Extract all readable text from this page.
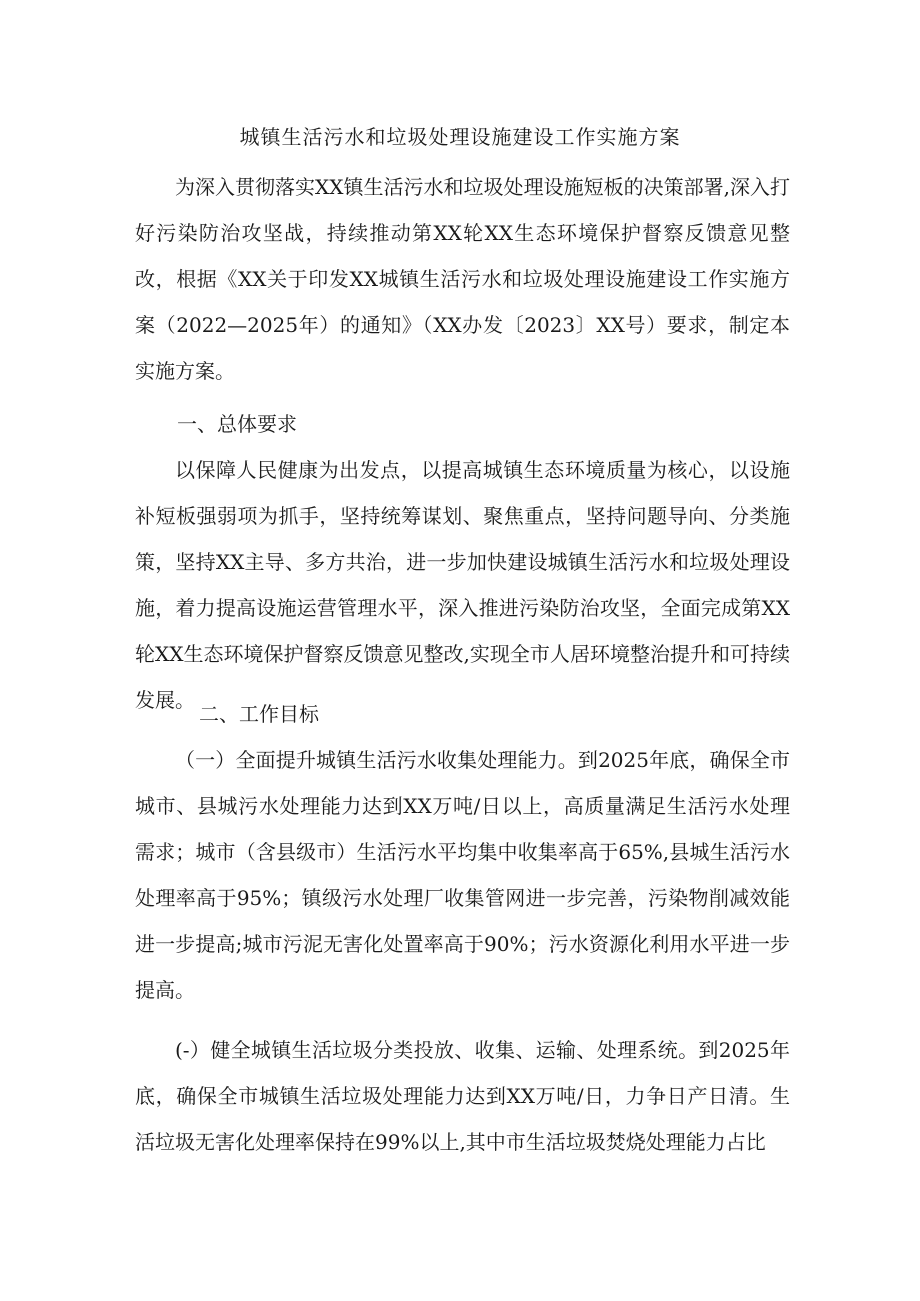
城镇生活污水和垃圾处理设施建设工作实施方案

为深入贯彻落实XX镇生活污水和垃圾处理设施短板的决策部署,深入打好污染防治攻坚战，持续推动第XX轮XX生态环境保护督察反馈意见整改，根据《XX关于印发XX城镇生活污水和垃圾处理设施建设工作实施方案（2022—2025年）的通知》（XX办发〔2023〕XX号）要求，制定本实施方案。

一、总体要求

以保障人民健康为出发点，以提高城镇生态环境质量为核心，以设施补短板强弱项为抓手，坚持统筹谋划、聚焦重点，坚持问题导向、分类施策，坚持XX主导、多方共治，进一步加快建设城镇生活污水和垃圾处理设施，着力提高设施运营管理水平，深入推进污染防治攻坚，全面完成第XX轮XX生态环境保护督察反馈意见整改,实现全市人居环境整治提升和可持续发展。

二、工作目标

（一）全面提升城镇生活污水收集处理能力。到2025年底，确保全市城市、县城污水处理能力达到XX万吨/日以上，高质量满足生活污水处理需求；城市（含县级市）生活污水平均集中收集率高于65%,县城生活污水处理率高于95%；镇级污水处理厂收集管网进一步完善，污染物削减效能进一步提高;城市污泥无害化处置率高于90%；污水资源化利用水平进一步提高。

(-）健全城镇生活垃圾分类投放、收集、运输、处理系统。到2025年底，确保全市城镇生活垃圾处理能力达到XX万吨/日，力争日产日清。生活垃圾无害化处理率保持在99%以上,其中市生活垃圾焚烧处理能力占比
